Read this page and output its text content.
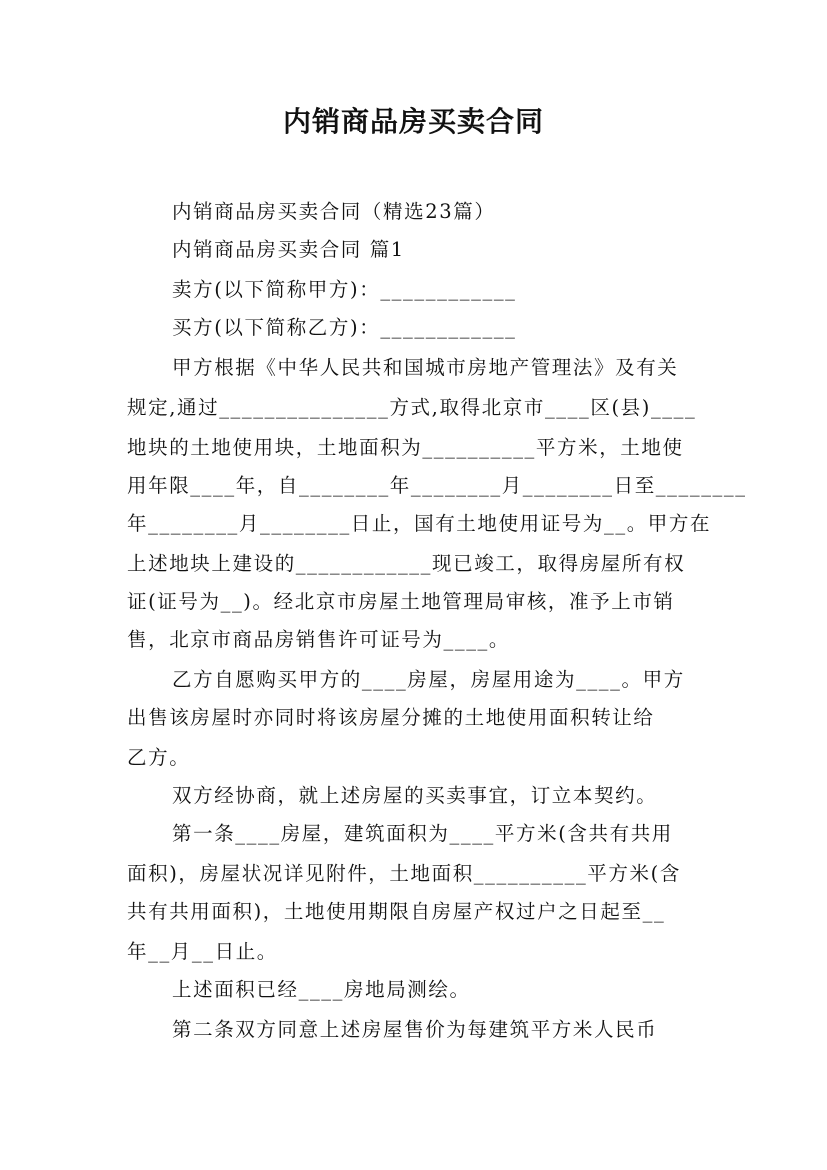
内销商品房买卖合同
内销商品房买卖合同（精选23篇）
内销商品房买卖合同 篇1
卖方(以下简称甲方)：____________
买方(以下简称乙方)：____________
甲方根据《中华人民共和国城市房地产管理法》及有关
规定,通过_______________方式,取得北京市____区(县)____
地块的土地使用块，土地面积为__________平方米，土地使
用年限____年，自________年________月________日至________
年________月________日止，国有土地使用证号为__。甲方在
上述地块上建设的____________现已竣工，取得房屋所有权
证(证号为__)。经北京市房屋土地管理局审核，准予上市销
售，北京市商品房销售许可证号为____。
乙方自愿购买甲方的____房屋，房屋用途为____。甲方
出售该房屋时亦同时将该房屋分摊的土地使用面积转让给
乙方。
双方经协商，就上述房屋的买卖事宜，订立本契约。
第一条____房屋，建筑面积为____平方米(含共有共用
面积)，房屋状况详见附件，土地面积__________平方米(含
共有共用面积)，土地使用期限自房屋产权过户之日起至__
年__月__日止。
上述面积已经____房地局测绘。
第二条双方同意上述房屋售价为每建筑平方米人民币
